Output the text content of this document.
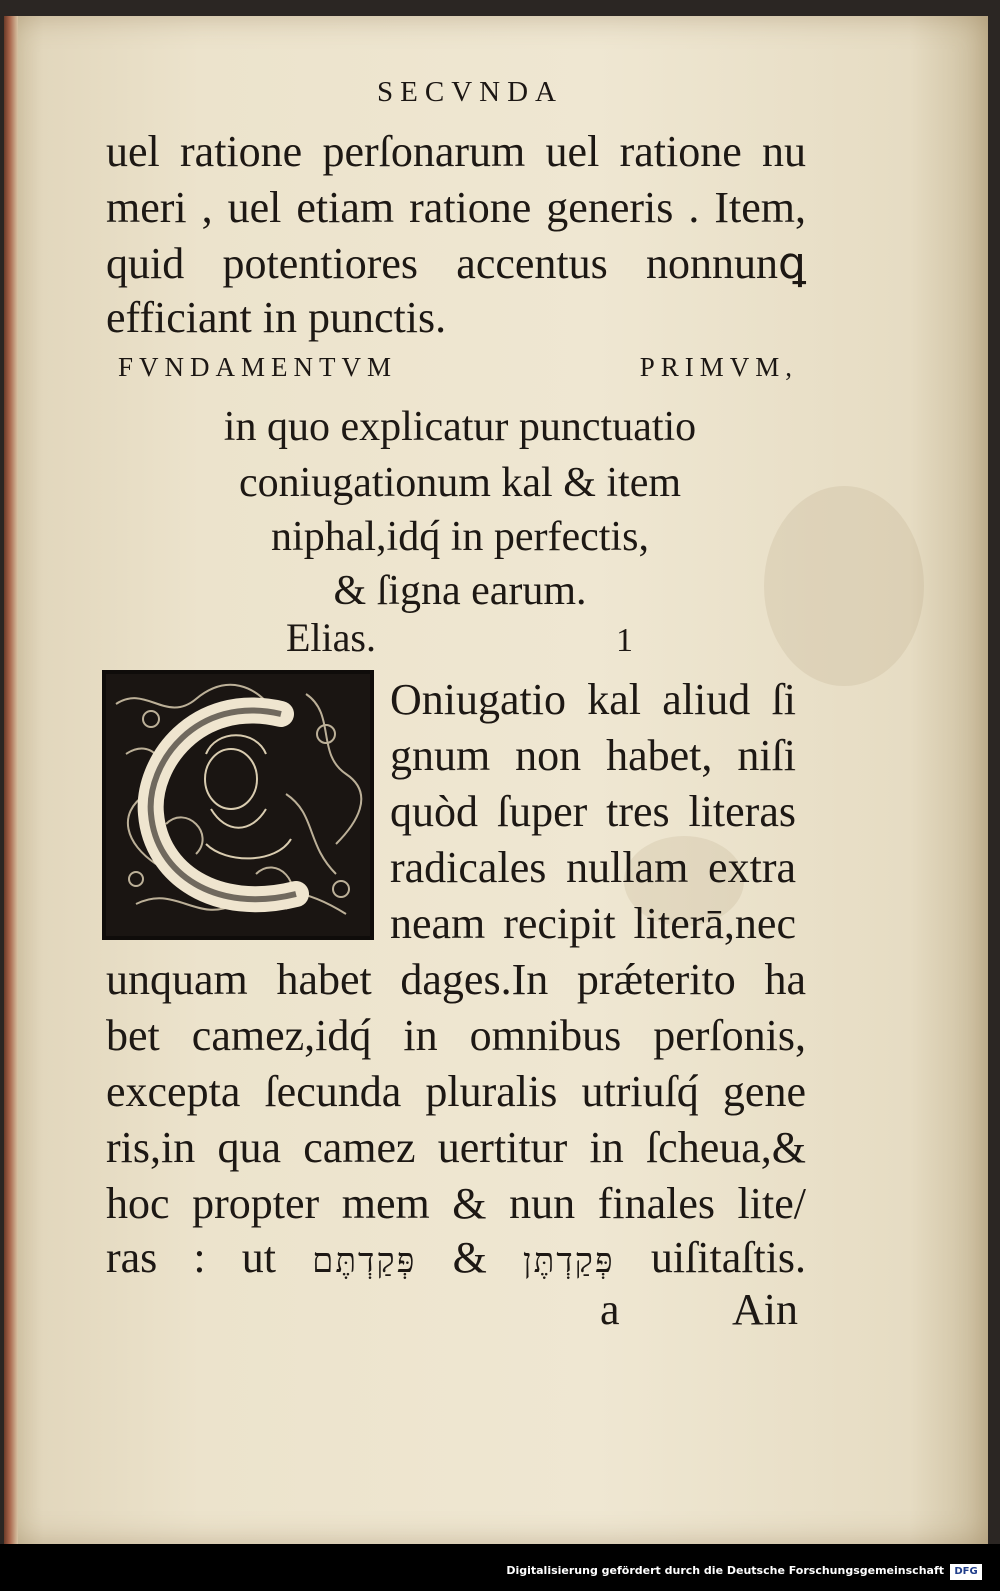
SECVNDA

uel ratione perſonarum uel ratione nu

meri , uel etiam ratione generis . Item,

quid potentiores accentus nonnunꝗ

efficiant in punctis.

FVNDAMENTVM PRIMVM,
in quo explicatur punctuatio
coniugationum kal & item
niphal,idq́ in perfectis,
& ſigna earum.
Elias.	1

Oniugatio kal aliud ſi

gnum non habet, niſi

quòd ſuper tres literas

radicales nullam extra

neam recipit literā,nec

unquam habet dages.In prǽterito ha

bet camez,idq́ in omnibus perſonis,

excepta ſecunda pluralis utriuſq́ gene

ris,in qua camez uertitur in ſcheua,&

hoc propter mem & nun finales lite/

ras : ut פְּקַדְתֶּם & פְּקַדְתֶּן uiſitaſtis.

a	Ain
Digitalisierung gefördert durch die Deutsche Forschungsgemeinschaft	DFG
